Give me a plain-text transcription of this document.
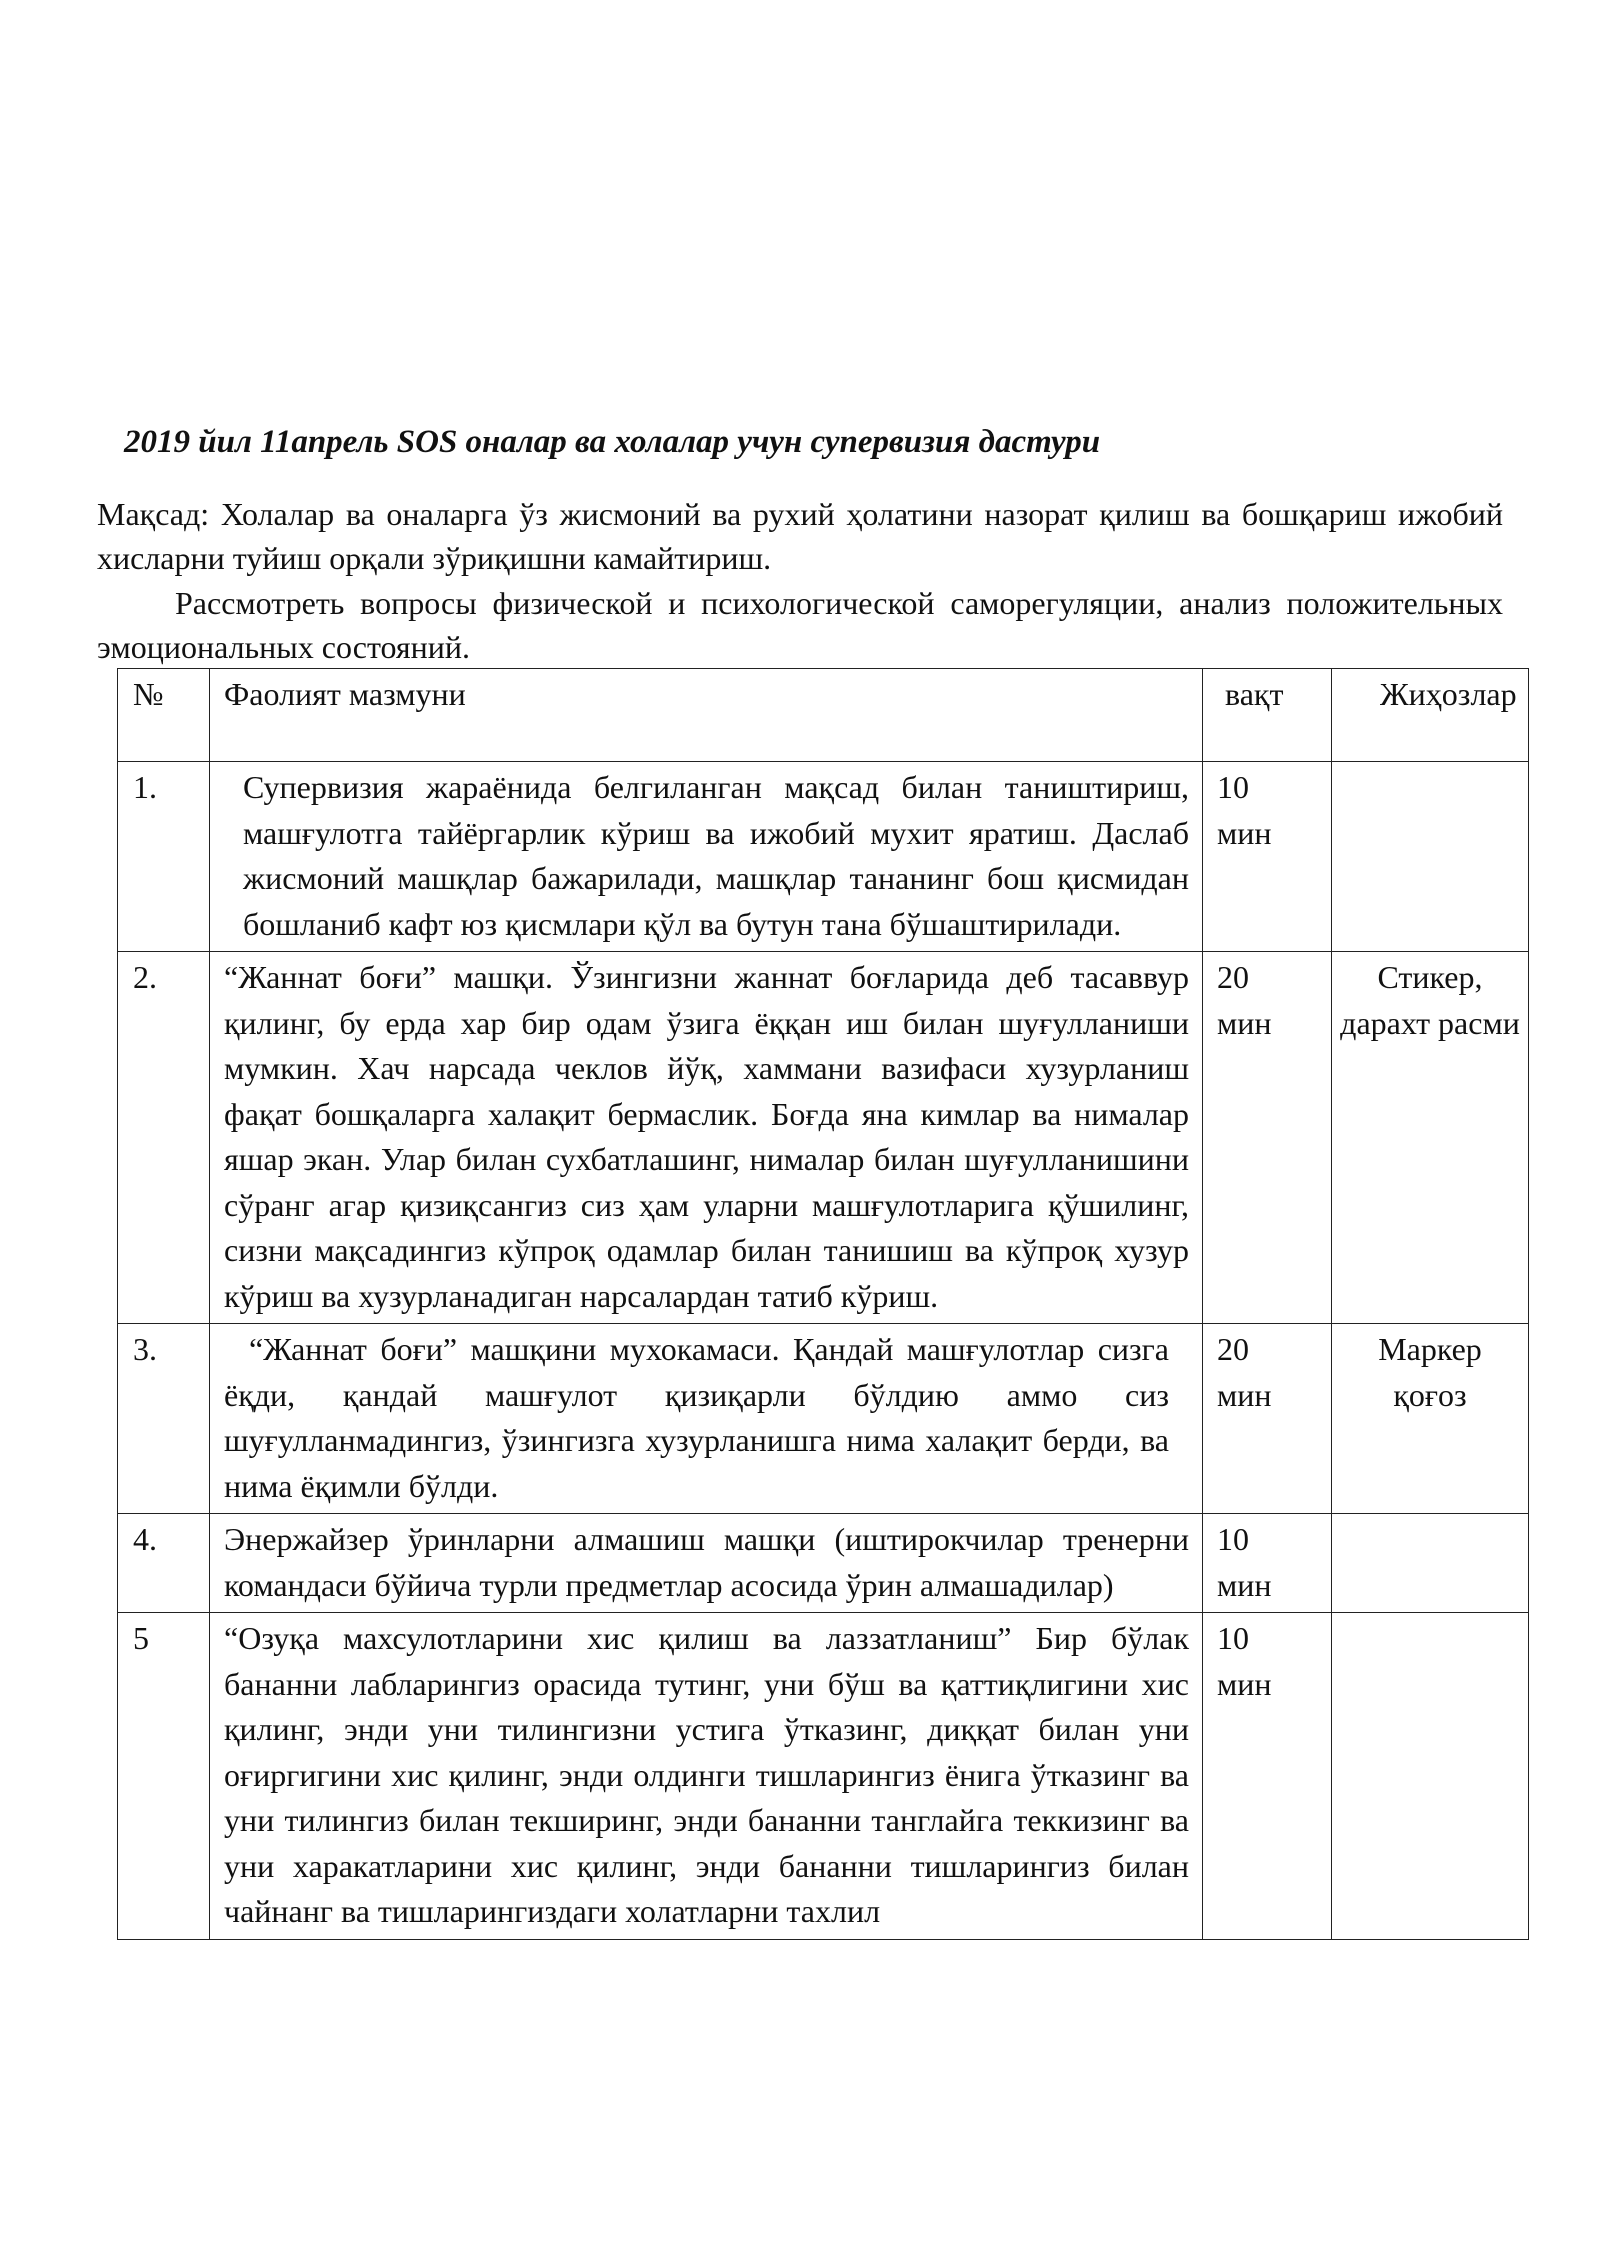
2019 йил 11апрель SOS оналар ва холалар учун супервизия дастури
Мақсад: Холалар ва оналарга ўз жисмоний ва рухий ҳолатини назорат қилиш ва бошқариш ижобий хисларни туйиш орқали зўриқишни камайтириш.
Рассмотреть вопросы физической и психологической саморегуляции, анализ положительных эмоциональных состояний.
№	Фаолият мазмуни	вақт	Жиҳозлар

1.	Супервизия жараёнида белгиланган мақсад билан таништириш, машғулотга тайёргарлик кўриш ва ижобий мухит яратиш. Даслаб жисмоний машқлар бажарилади, машқлар тананинг бош қисмидан бошланиб кафт юз қисмлари қўл ва бутун тана бўшаштирилади.	10 мин	

2.	“Жаннат боғи” машқи. Ўзингизни жаннат боғларида деб тасаввур қилинг, бу ерда хар бир одам ўзига ёққан иш билан шуғулланиши мумкин. Хач нарсада чеклов йўқ, хаммани вазифаси хузурланиш фақат бошқаларга халақит бермаслик. Боғда яна кимлар ва нималар яшар экан. Улар билан сухбатлашинг, нималар билан шуғулланишини сўранг агар қизиқсангиз сиз ҳам уларни машғулотларига қўшилинг, сизни мақсадингиз кўпроқ одамлар билан танишиш ва кўпроқ хузур кўриш ва хузурланадиган нарсалардан татиб кўриш.	20 мин	Стикер, дарахт расми

3.	“Жаннат боғи” машқини мухокамаси. Қандай машғулотлар сизга ёқди, қандай машғулот қизиқарли бўлдию аммо сиз шуғулланмадингиз, ўзингизга хузурланишга нима халақит берди, ва нима ёқимли бўлди.	20 мин	Маркер қоғоз

4.	Энержайзер ўринларни алмашиш машқи (иштирокчилар тренерни командаси бўйича турли предметлар асосида ўрин алмашадилар)	10 мин	

5	“Озуқа махсулотларини хис қилиш ва лаззатланиш” Бир бўлак бананни лабларингиз орасида тутинг, уни бўш ва қаттиқлигини хис қилинг, энди уни тилингизни устига ўтказинг, диққат билан уни оғиргигини хис қилинг, энди олдинги тишларингиз ёнига ўтказинг ва уни тилингиз билан текширинг, энди бананни танглайга теккизинг ва уни харакатларини хис қилинг, энди бананни тишларингиз билан чайнанг ва тишларингиздаги холатларни тахлил	10 мин	
